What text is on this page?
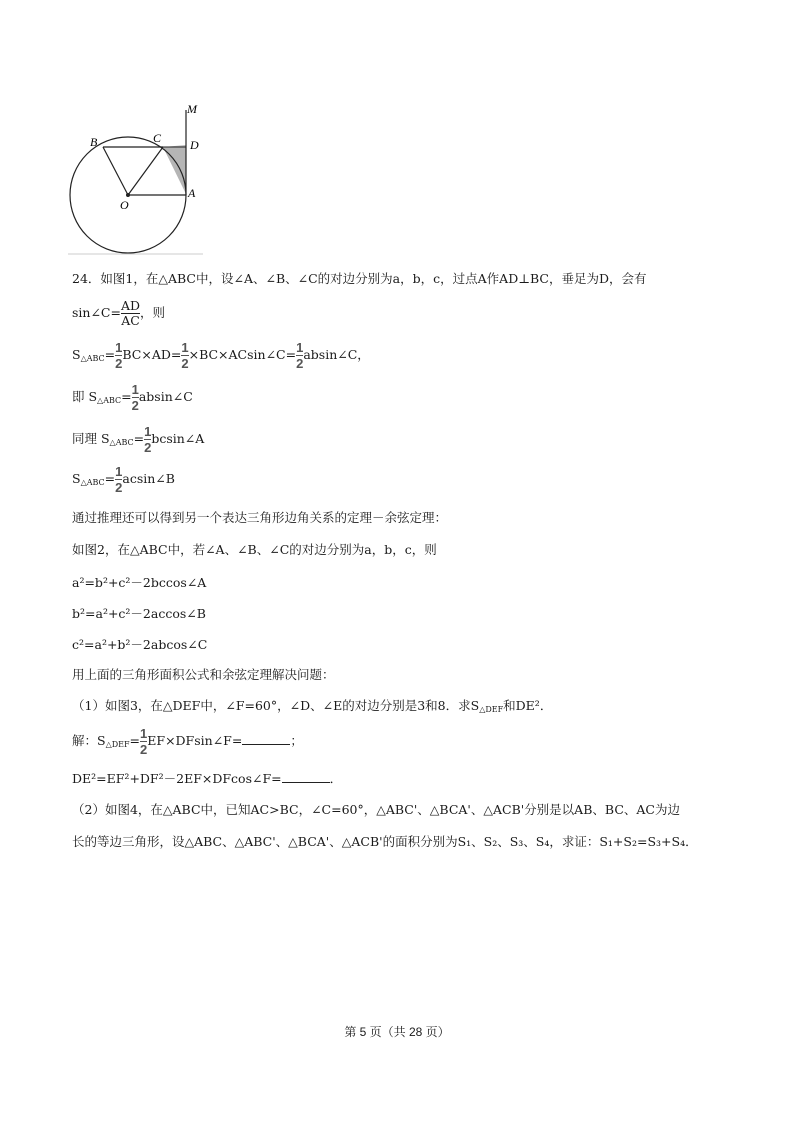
B	C D
M
O
A
24．如图1，在△ABC中，设∠A、∠B、∠C的对边分别为a，b，c，过点A作AD⊥BC，垂足为D，会有
sin∠C= $\frac{AD}{AC}$ ，则
$S_{\triangle ABC}= \frac{1}{2} BC\times AD= \frac{1}{2}$ ×BC×ACsin∠C= $\frac{1}{2}$ absin∠C，
即 $S_{\triangle ABC}= \frac{1}{2}$ absin∠C
同理 $S_{\triangle ABC}= \frac{1}{2}$ bcsin∠A
$S_{\triangle ABC}= \frac{1}{2}$ acsin∠B
通过推理还可以得到另一个表达三角形边角关系的定理－余弦定理：
如图2，在△ABC中，若∠A、∠B、∠C的对边分别为a，b，c，则
a²=b²+c²－2bccos∠A
b²=a²+c²－2accos∠B
c²=a²+b²－2abcos∠C
用上面的三角形面积公式和余弦定理解决问题：
（1）如图3，在△DEF中，∠F=60°，∠D、∠E的对边分别是3和8．求$S_{\triangle DEF}$和DE²．
解：$S_{\triangle DEF}= \frac{1}{2}$ EF×DFsin∠F=	；
DE²=EF²+DF²－2EF×DFcos∠F=	．
（2）如图4，在△ABC中，已知AC>BC，∠C=60°，△ABC'、△BCA'、△ACB'分别是以AB、BC、AC为边
长的等边三角形，设△ABC、△ABC'、△BCA'、△ACB'的面积分别为S₁、S₂、S₃、S₄，求证：S₁+S₂=S₃+S₄．
第 5 页（共 28 页）
